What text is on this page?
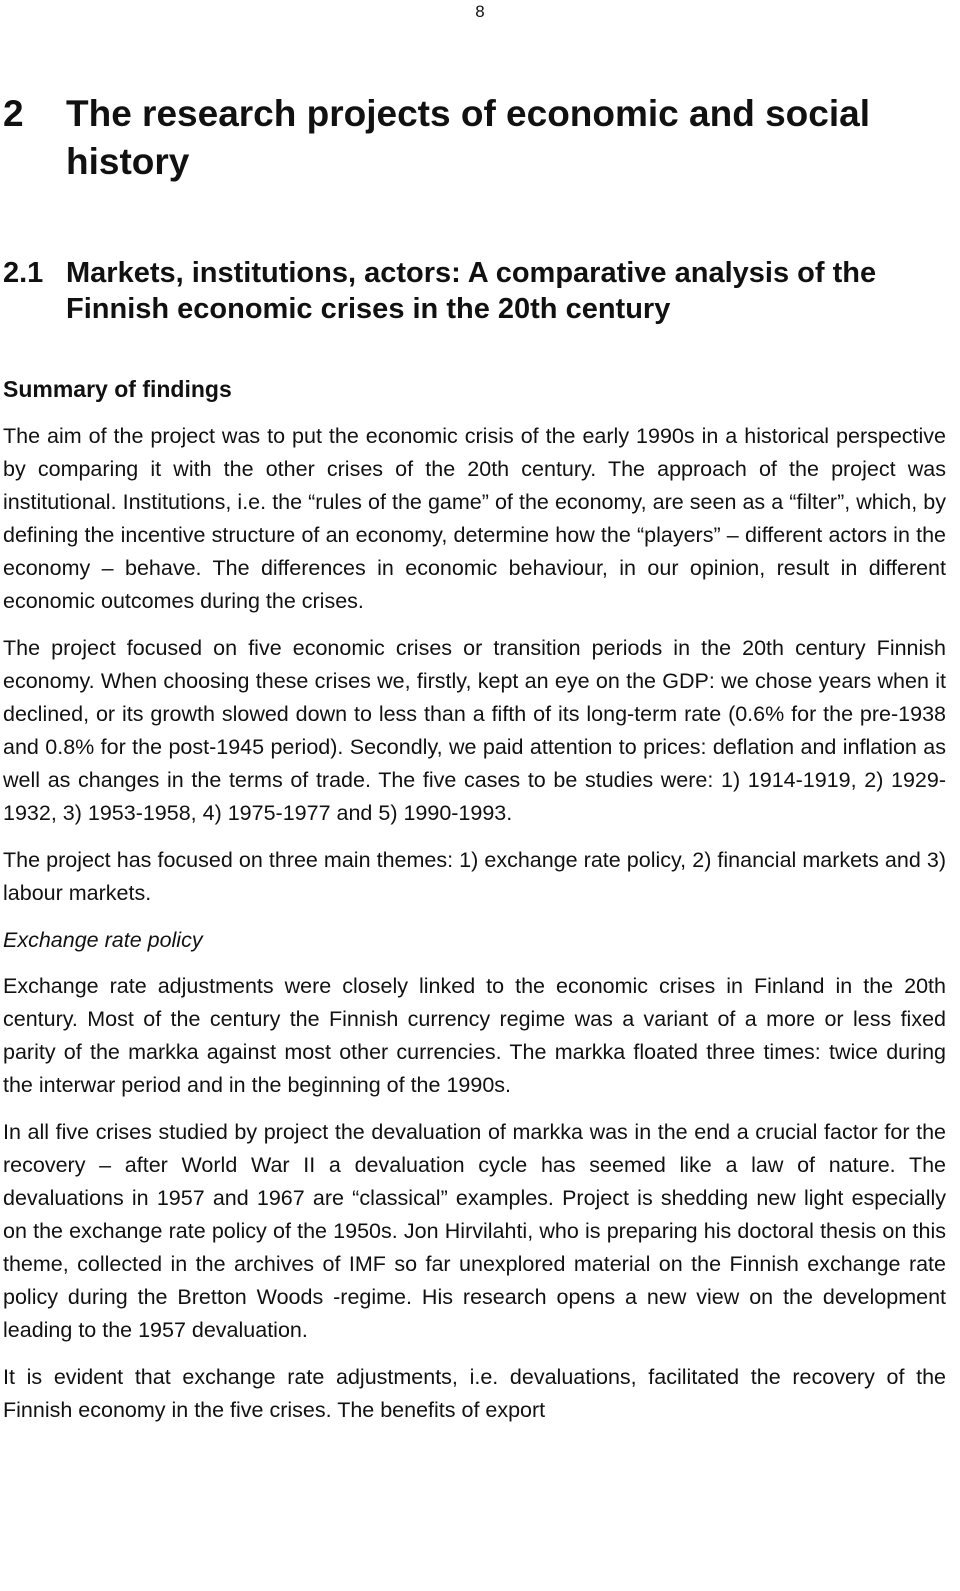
8
2	The research projects of economic and social history
2.1 Markets, institutions, actors: A comparative analysis of the Finnish economic crises in the 20th century
Summary of findings

The aim of the project was to put the economic crisis of the early 1990s in a historical perspective by comparing it with the other crises of the 20th century. The approach of the project was institutional. Institutions, i.e. the “rules of the game” of the economy, are seen as a “filter”, which, by defining the incentive structure of an economy, determine how the “players” – different actors in the economy – behave. The differences in economic behaviour, in our opinion, result in different economic outcomes during the crises.

The project focused on five economic crises or transition periods in the 20th century Finnish economy. When choosing these crises we, firstly, kept an eye on the GDP: we chose years when it declined, or its growth slowed down to less than a fifth of its long-term rate (0.6% for the pre-1938 and 0.8% for the post-1945 period). Secondly, we paid attention to prices: deflation and inflation as well as changes in the terms of trade. The five cases to be studies were: 1) 1914-1919, 2) 1929-1932, 3) 1953-1958, 4) 1975-1977 and 5) 1990-1993.

The project has focused on three main themes: 1) exchange rate policy, 2) financial markets and 3) labour markets.

Exchange rate policy

Exchange rate adjustments were closely linked to the economic crises in Finland in the 20th century. Most of the century the Finnish currency regime was a variant of a more or less fixed parity of the markka against most other currencies. The markka floated three times: twice during the interwar period and in the beginning of the 1990s.

In all five crises studied by project the devaluation of markka was in the end a crucial factor for the recovery – after World War II a devaluation cycle has seemed like a law of nature. The devaluations in 1957 and 1967 are “classical” examples. Project is shedding new light especially on the exchange rate policy of the 1950s. Jon Hirvilahti, who is preparing his doctoral thesis on this theme, collected in the archives of IMF so far unexplored material on the Finnish exchange rate policy during the Bretton Woods -regime. His research opens a new view on the development leading to the 1957 devaluation.

It is evident that exchange rate adjustments, i.e. devaluations, facilitated the recovery of the Finnish economy in the five crises. The benefits of export
